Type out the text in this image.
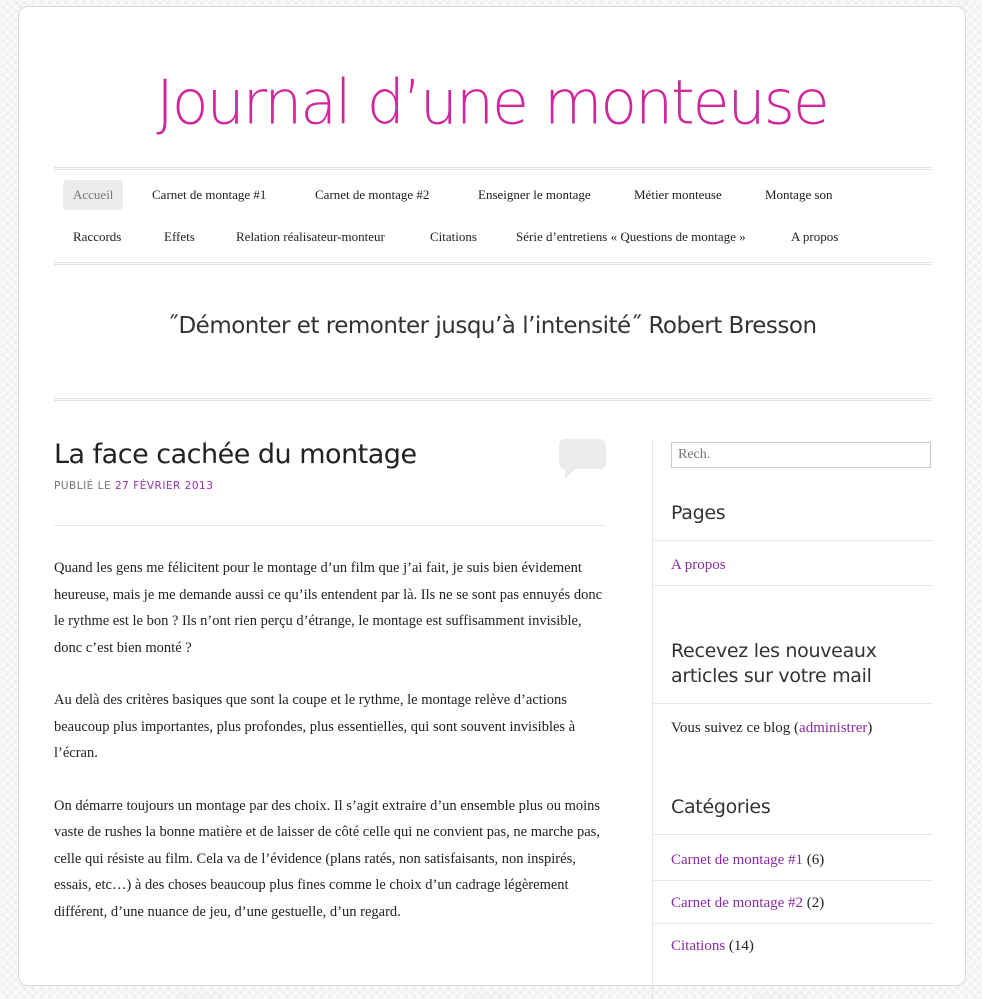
Journal d’une monteuse
Accueil	Carnet de montage #1	Carnet de montage #2	Enseigner le montage	Métier monteuse	Montage son
Raccords	Effets	Relation réalisateur-monteur	Citations	Série d’entretiens « Questions de montage »	A propos
˝Démonter et remonter jusqu’à l’intensité˝ Robert Bresson
La face cachée du montage
PUBLIÉ LE 27 FÉVRIER 2013

Quand les gens me félicitent pour le montage d’un film que j’ai fait, je suis bien évidement heureuse, mais je me demande aussi ce qu’ils entendent par là. Ils ne se sont pas ennuyés donc le rythme est le bon ? Ils n’ont rien perçu d’étrange, le montage est suffisamment invisible, donc c’est bien monté ?

Au delà des critères basiques que sont la coupe et le rythme, le montage relève d’actions beaucoup plus importantes, plus profondes, plus essentielles, qui sont souvent invisibles à l’écran.

On démarre toujours un montage par des choix. Il s’agit extraire d’un ensemble plus ou moins vaste de rushes la bonne matière et de laisser de côté celle qui ne convient pas, ne marche pas, celle qui résiste au film. Cela va de l’évidence (plans ratés, non satisfaisants, non inspirés, essais, etc…) à des choses beaucoup plus fines comme le choix d’un cadrage légèrement différent, d’une nuance de jeu, d’une gestuelle, d’un regard.

Rech.
Pages
A propos
Recevez les nouveaux articles sur votre mail
Vous suivez ce blog (administrer)
Catégories
Carnet de montage #1 (6)
Carnet de montage #2 (2)
Citations (14)
